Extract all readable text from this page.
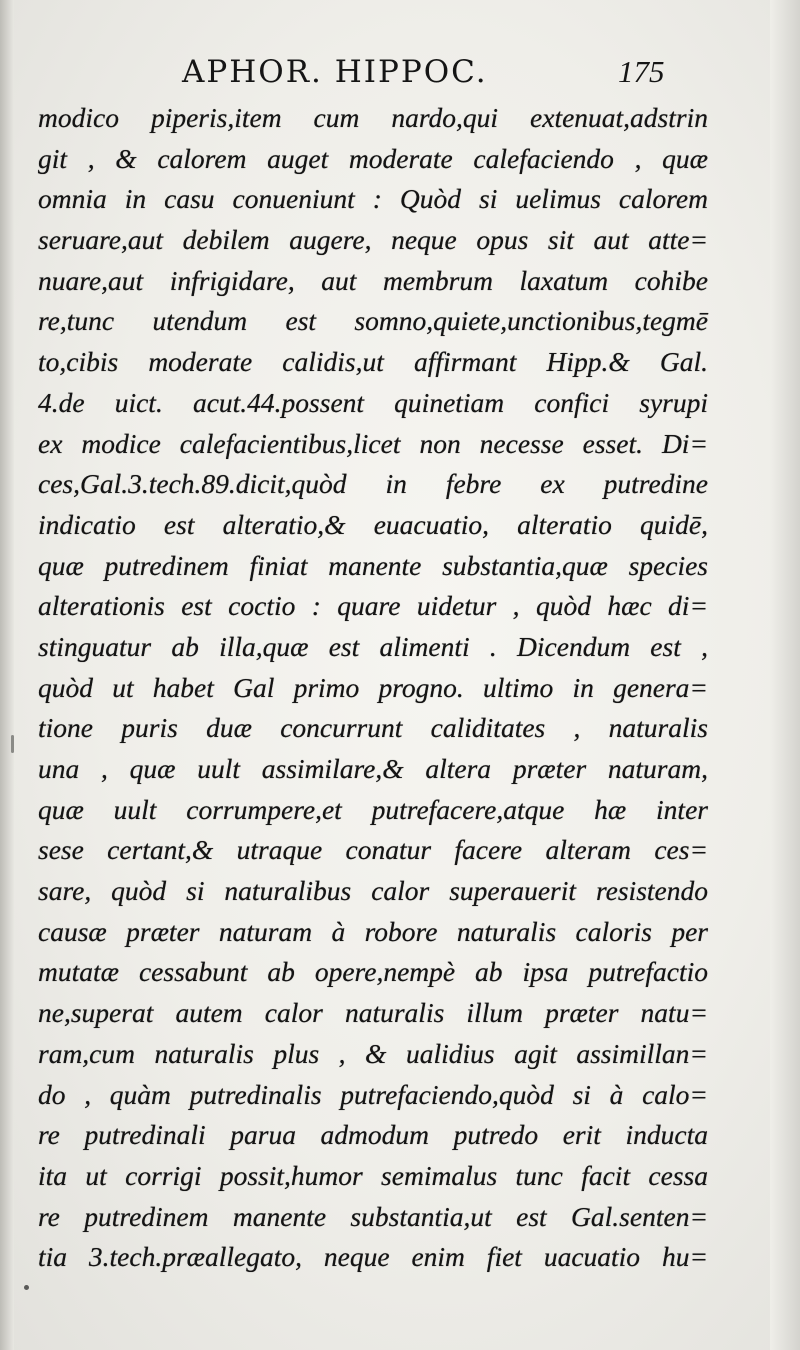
APHOR. HIPPOC.	175
modico piperis,item cum nardo,qui extenuat,adstrin
git , & calorem auget moderate calefaciendo , quæ
omnia in casu conueniunt : Quòd si uelimus calorem
seruare,aut debilem augere, neque opus sit aut atte=
nuare,aut infrigidare, aut membrum laxatum cohibe
re,tunc utendum est somno,quiete,unctionibus,tegmē
to,cibis moderate calidis,ut affirmant Hipp.& Gal.
4.de uict. acut.44.possent quinetiam confici syrupi
ex modice calefacientibus,licet non necesse esset. Di=
ces,Gal.3.tech.89.dicit,quòd in febre ex putredine
indicatio est alteratio,& euacuatio, alteratio quidē,
quæ putredinem finiat manente substantia,quæ species
alterationis est coctio : quare uidetur , quòd hæc di=
stinguatur ab illa,quæ est alimenti . Dicendum est ,
quòd ut habet Gal primo progno. ultimo in genera=
tione puris duæ concurrunt caliditates , naturalis
una , quæ uult assimilare,& altera præter naturam,
quæ uult corrumpere,et putrefacere,atque hæ inter
sese certant,& utraque conatur facere alteram ces=
sare, quòd si naturalibus calor superauerit resistendo
causæ præter naturam à robore naturalis caloris per
mutatæ cessabunt ab opere,nempè ab ipsa putrefactio
ne,superat autem calor naturalis illum præter natu=
ram,cum naturalis plus , & ualidius agit assimillan=
do , quàm putredinalis putrefaciendo,quòd si à calo=
re putredinali parua admodum putredo erit inducta
ita ut corrigi possit,humor semimalus tunc facit cessa
re putredinem manente substantia,ut est Gal.senten=
tia 3.tech.præallegato, neque enim fiet uacuatio hu=
